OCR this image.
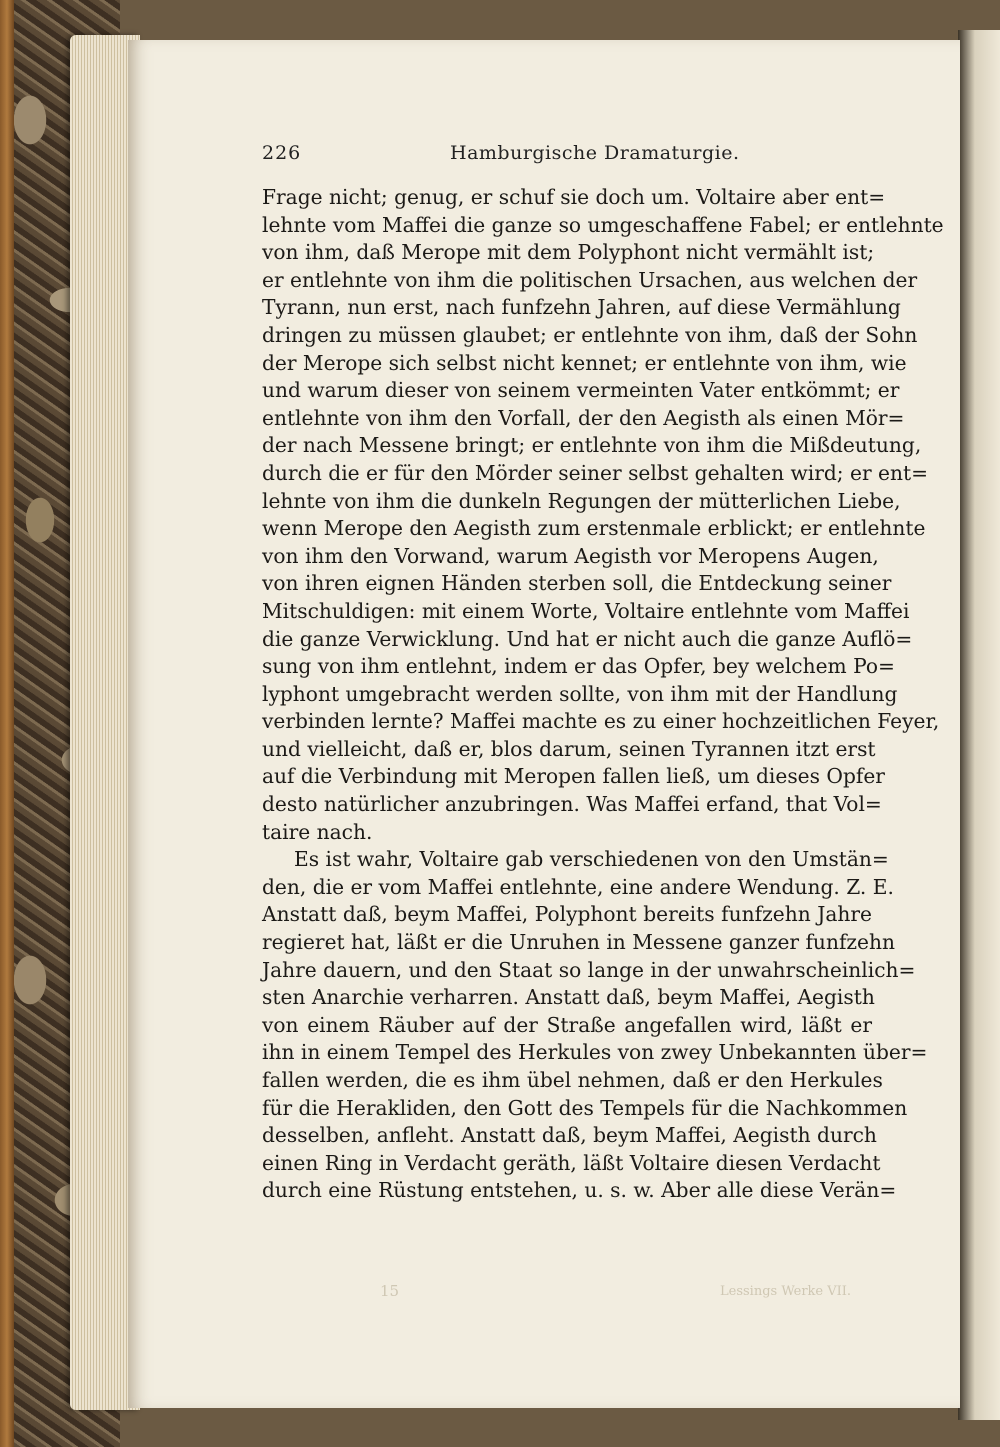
226	Hamburgische Dramaturgie.

Frage nicht; genug, er schuf sie doch um. Voltaire aber ent=
lehnte vom Maffei die ganze so umgeschaffene Fabel; er entlehnte
von ihm, daß Merope mit dem Polyphont nicht vermählt ist;
er entlehnte von ihm die politischen Ursachen, aus welchen der
Tyrann, nun erst, nach funfzehn Jahren, auf diese Vermählung
dringen zu müssen glaubet; er entlehnte von ihm, daß der Sohn
der Merope sich selbst nicht kennet; er entlehnte von ihm, wie
und warum dieser von seinem vermeinten Vater entkömmt; er
entlehnte von ihm den Vorfall, der den Aegisth als einen Mör=
der nach Messene bringt; er entlehnte von ihm die Mißdeutung,
durch die er für den Mörder seiner selbst gehalten wird; er ent=
lehnte von ihm die dunkeln Regungen der mütterlichen Liebe,
wenn Merope den Aegisth zum erstenmale erblickt; er entlehnte
von ihm den Vorwand, warum Aegisth vor Meropens Augen,
von ihren eignen Händen sterben soll, die Entdeckung seiner
Mitschuldigen: mit einem Worte, Voltaire entlehnte vom Maffei
die ganze Verwicklung. Und hat er nicht auch die ganze Auflö=
sung von ihm entlehnt, indem er das Opfer, bey welchem Po=
lyphont umgebracht werden sollte, von ihm mit der Handlung
verbinden lernte? Maffei machte es zu einer hochzeitlichen Feyer,
und vielleicht, daß er, blos darum, seinen Tyrannen itzt erst
auf die Verbindung mit Meropen fallen ließ, um dieses Opfer
desto natürlicher anzubringen. Was Maffei erfand, that Vol=
taire nach.

Es ist wahr, Voltaire gab verschiedenen von den Umstän=
den, die er vom Maffei entlehnte, eine andere Wendung. Z. E.
Anstatt daß, beym Maffei, Polyphont bereits funfzehn Jahre
regieret hat, läßt er die Unruhen in Messene ganzer funfzehn
Jahre dauern, und den Staat so lange in der unwahrscheinlich=
sten Anarchie verharren. Anstatt daß, beym Maffei, Aegisth
von einem Räuber auf der Straße angefallen wird, läßt er
ihn in einem Tempel des Herkules von zwey Unbekannten über=
fallen werden, die es ihm übel nehmen, daß er den Herkules
für die Herakliden, den Gott des Tempels für die Nachkommen
desselben, anfleht. Anstatt daß, beym Maffei, Aegisth durch
einen Ring in Verdacht geräth, läßt Voltaire diesen Verdacht
durch eine Rüstung entstehen, u. s. w. Aber alle diese Verän=

15	Lessings Werke VII.
